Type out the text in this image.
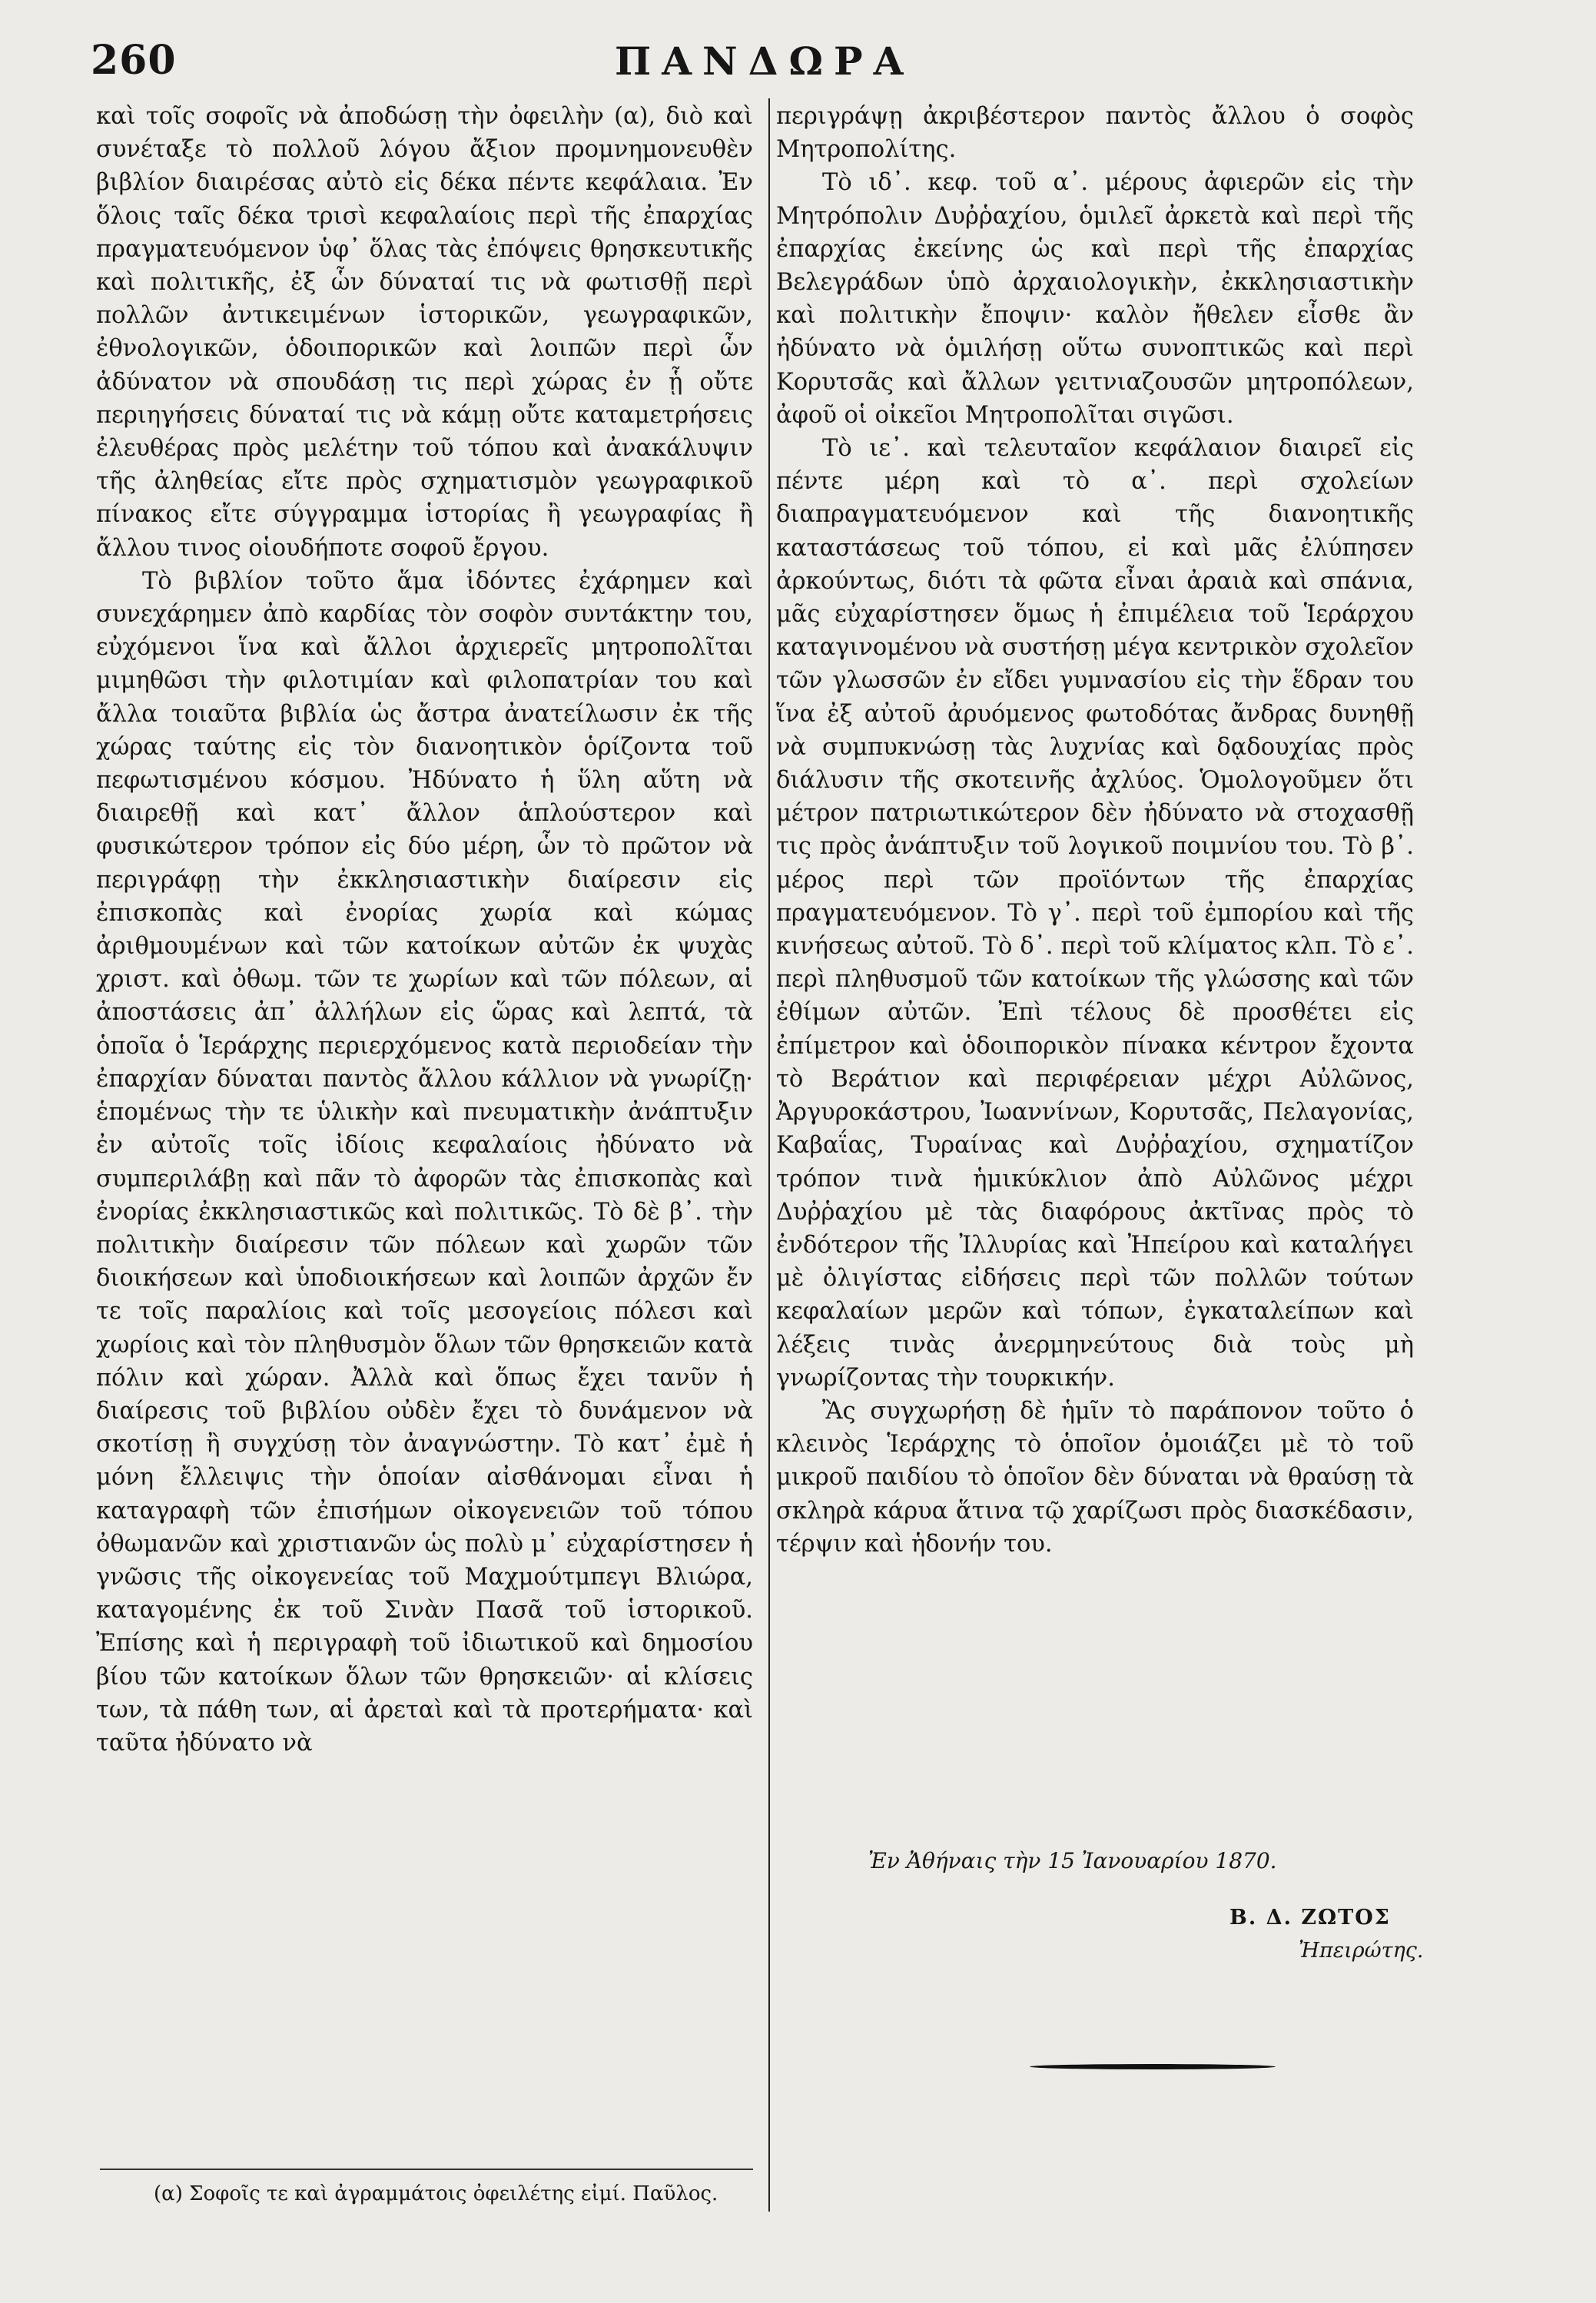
260	ΠΑΝΔΩΡΑ

καὶ τοῖς σοφοῖς νὰ ἀποδώσῃ τὴν ὀφειλὴν (α), διὸ καὶ συνέταξε τὸ πολλοῦ λόγου ἄξιον προμνημονευθὲν βιβλίον διαιρέσας αὐτὸ εἰς δέκα πέντε κεφάλαια. Ἐν ὅλοις ταῖς δέκα τρισὶ κεφαλαίοις περὶ τῆς ἐπαρχίας πραγματευόμενον ὑφ᾽ ὅλας τὰς ἐπόψεις θρησκευτικῆς καὶ πολιτικῆς, ἐξ ὧν δύναταί τις νὰ φωτισθῇ περὶ πολλῶν ἀντικειμένων ἱστορικῶν, γεωγραφικῶν, ἐθνολογικῶν, ὁδοιπορικῶν καὶ λοιπῶν περὶ ὧν ἀδύνατον νὰ σπουδάσῃ τις περὶ χώρας ἐν ᾗ οὔτε περιηγήσεις δύναταί τις νὰ κάμῃ οὔτε καταμετρήσεις ἐλευθέρας πρὸς μελέτην τοῦ τόπου καὶ ἀνακάλυψιν τῆς ἀληθείας εἴτε πρὸς σχηματισμὸν γεωγραφικοῦ πίνακος εἴτε σύγγραμμα ἱστορίας ἢ γεωγραφίας ἢ ἄλλου τινος οἱουδήποτε σοφοῦ ἔργου.

Τὸ βιβλίον τοῦτο ἅμα ἰδόντες ἐχάρημεν καὶ συνεχάρημεν ἀπὸ καρδίας τὸν σοφὸν συντάκτην του, εὐχόμενοι ἵνα καὶ ἄλλοι ἀρχιερεῖς μητροπολῖται μιμηθῶσι τὴν φιλοτιμίαν καὶ φιλοπατρίαν του καὶ ἄλλα τοιαῦτα βιβλία ὡς ἄστρα ἀνατείλωσιν ἐκ τῆς χώρας ταύτης εἰς τὸν διανοητικὸν ὁρίζοντα τοῦ πεφωτισμένου κόσμου. Ἠδύνατο ἡ ὕλη αὕτη νὰ διαιρεθῇ καὶ κατ᾽ ἄλλον ἁπλούστερον καὶ φυσικώτερον τρόπον εἰς δύο μέρη, ὧν τὸ πρῶτον νὰ περιγράφῃ τὴν ἐκκλησιαστικὴν διαίρεσιν εἰς ἐπισκοπὰς καὶ ἐνορίας χωρία καὶ κώμας ἀριθμουμένων καὶ τῶν κατοίκων αὐτῶν ἐκ ψυχὰς χριστ. καὶ ὀθωμ. τῶν τε χωρίων καὶ τῶν πόλεων, αἱ ἀποστάσεις ἀπ᾽ ἀλλήλων εἰς ὥρας καὶ λεπτά, τὰ ὁποῖα ὁ Ἱεράρχης περιερχόμενος κατὰ περιοδείαν τὴν ἐπαρχίαν δύναται παντὸς ἄλλου κάλλιον νὰ γνωρίζῃ· ἑπομένως τὴν τε ὑλικὴν καὶ πνευματικὴν ἀνάπτυξιν ἐν αὐτοῖς τοῖς ἰδίοις κεφαλαίοις ἠδύνατο νὰ συμπεριλάβῃ καὶ πᾶν τὸ ἀφορῶν τὰς ἐπισκοπὰς καὶ ἐνορίας ἐκκλησιαστικῶς καὶ πολιτικῶς. Τὸ δὲ β᾽. τὴν πολιτικὴν διαίρεσιν τῶν πόλεων καὶ χωρῶν τῶν διοικήσεων καὶ ὑποδιοικήσεων καὶ λοιπῶν ἀρχῶν ἔν τε τοῖς παραλίοις καὶ τοῖς μεσογείοις πόλεσι καὶ χωρίοις καὶ τὸν πληθυσμὸν ὅλων τῶν θρησκειῶν κατὰ πόλιν καὶ χώραν. Ἀλλὰ καὶ ὅπως ἔχει τανῦν ἡ διαίρεσις τοῦ βιβλίου οὐδὲν ἔχει τὸ δυνάμενον νὰ σκοτίσῃ ἢ συγχύσῃ τὸν ἀναγνώστην. Τὸ κατ᾽ ἐμὲ ἡ μόνη ἔλλειψις τὴν ὁποίαν αἰσθάνομαι εἶναι ἡ καταγραφὴ τῶν ἐπισήμων οἰκογενειῶν τοῦ τόπου ὀθωμανῶν καὶ χριστιανῶν ὡς πολὺ μ᾽ εὐχαρίστησεν ἡ γνῶσις τῆς οἰκογενείας τοῦ Μαχμούτμπεγι Βλιώρα, καταγομένης ἐκ τοῦ Σινὰν Πασᾶ τοῦ ἱστορικοῦ. Ἐπίσης καὶ ἡ περιγραφὴ τοῦ ἰδιωτικοῦ καὶ δημοσίου βίου τῶν κατοίκων ὅλων τῶν θρησκειῶν· αἱ κλίσεις των, τὰ πάθη των, αἱ ἀρεταὶ καὶ τὰ προτερήματα· καὶ ταῦτα ἠδύνατο νὰ

περιγράψῃ ἀκριβέστερον παντὸς ἄλλου ὁ σοφὸς Μητροπολίτης.

Τὸ ιδ᾽. κεφ. τοῦ α᾽. μέρους ἀφιερῶν εἰς τὴν Μητρόπολιν Δυῤῥαχίου, ὁμιλεῖ ἀρκετὰ καὶ περὶ τῆς ἐπαρχίας ἐκείνης ὡς καὶ περὶ τῆς ἐπαρχίας Βελεγράδων ὑπὸ ἀρχαιολογικὴν, ἐκκλησιαστικὴν καὶ πολιτικὴν ἔποψιν· καλὸν ἤθελεν εἶσθε ἂν ἠδύνατο νὰ ὁμιλήσῃ οὕτω συνοπτικῶς καὶ περὶ Κορυτσᾶς καὶ ἄλλων γειτνιαζουσῶν μητροπόλεων, ἀφοῦ οἱ οἰκεῖοι Μητροπολῖται σιγῶσι.

Τὸ ιε᾽. καὶ τελευταῖον κεφάλαιον διαιρεῖ εἰς πέντε μέρη καὶ τὸ α᾽. περὶ σχολείων διαπραγματευόμενον καὶ τῆς διανοητικῆς καταστάσεως τοῦ τόπου, εἰ καὶ μᾶς ἐλύπησεν ἀρκούντως, διότι τὰ φῶτα εἶναι ἀραιὰ καὶ σπάνια, μᾶς εὐχαρίστησεν ὅμως ἡ ἐπιμέλεια τοῦ Ἱεράρχου καταγινομένου νὰ συστήσῃ μέγα κεντρικὸν σχολεῖον τῶν γλωσσῶν ἐν εἴδει γυμνασίου εἰς τὴν ἕδραν του ἵνα ἐξ αὐτοῦ ἀρυόμενος φωτοδότας ἄνδρας δυνηθῇ νὰ συμπυκνώσῃ τὰς λυχνίας καὶ δᾳδουχίας πρὸς διάλυσιν τῆς σκοτεινῆς ἀχλύος. Ὁμολογοῦμεν ὅτι μέτρον πατριωτικώτερον δὲν ἠδύνατο νὰ στοχασθῇ τις πρὸς ἀνάπτυξιν τοῦ λογικοῦ ποιμνίου του. Τὸ β᾽. μέρος περὶ τῶν προϊόντων τῆς ἐπαρχίας πραγματευόμενον. Τὸ γ᾽. περὶ τοῦ ἐμπορίου καὶ τῆς κινήσεως αὐτοῦ. Τὸ δ᾽. περὶ τοῦ κλίματος κλπ. Τὸ ε᾽. περὶ πληθυσμοῦ τῶν κατοίκων τῆς γλώσσης καὶ τῶν ἐθίμων αὐτῶν. Ἐπὶ τέλους δὲ προσθέτει εἰς ἐπίμετρον καὶ ὁδοιπορικὸν πίνακα κέντρον ἔχοντα τὸ Βεράτιον καὶ περιφέρειαν μέχρι Αὐλῶνος, Ἀργυροκάστρου, Ἰωαννίνων, Κορυτσᾶς, Πελαγονίας, Καβαΐας, Τυραίνας καὶ Δυῤῥαχίου, σχηματίζον τρόπον τινὰ ἡμικύκλιον ἀπὸ Αὐλῶνος μέχρι Δυῤῥαχίου μὲ τὰς διαφόρους ἀκτῖνας πρὸς τὸ ἐνδότερον τῆς Ἰλλυρίας καὶ Ἠπείρου καὶ καταλήγει μὲ ὀλιγίστας εἰδήσεις περὶ τῶν πολλῶν τούτων κεφαλαίων μερῶν καὶ τόπων, ἐγκαταλείπων καὶ λέξεις τινὰς ἀνερμηνεύτους διὰ τοὺς μὴ γνωρίζοντας τὴν τουρκικήν.

Ἂς συγχωρήσῃ δὲ ἡμῖν τὸ παράπονον τοῦτο ὁ κλεινὸς Ἱεράρχης τὸ ὁποῖον ὁμοιάζει μὲ τὸ τοῦ μικροῦ παιδίου τὸ ὁποῖον δὲν δύναται νὰ θραύσῃ τὰ σκληρὰ κάρυα ἅτινα τῷ χαρίζωσι πρὸς διασκέδασιν, τέρψιν καὶ ἡδονήν του.

Ἐν Ἀθήναις τὴν 15 Ἰανουαρίου 1870.
Β. Δ. ΖΩΤΟΣ
Ἠπειρώτης.
(α) Σοφοῖς τε καὶ ἀγραμμάτοις ὀφειλέτης εἰμί. Παῦλος.
